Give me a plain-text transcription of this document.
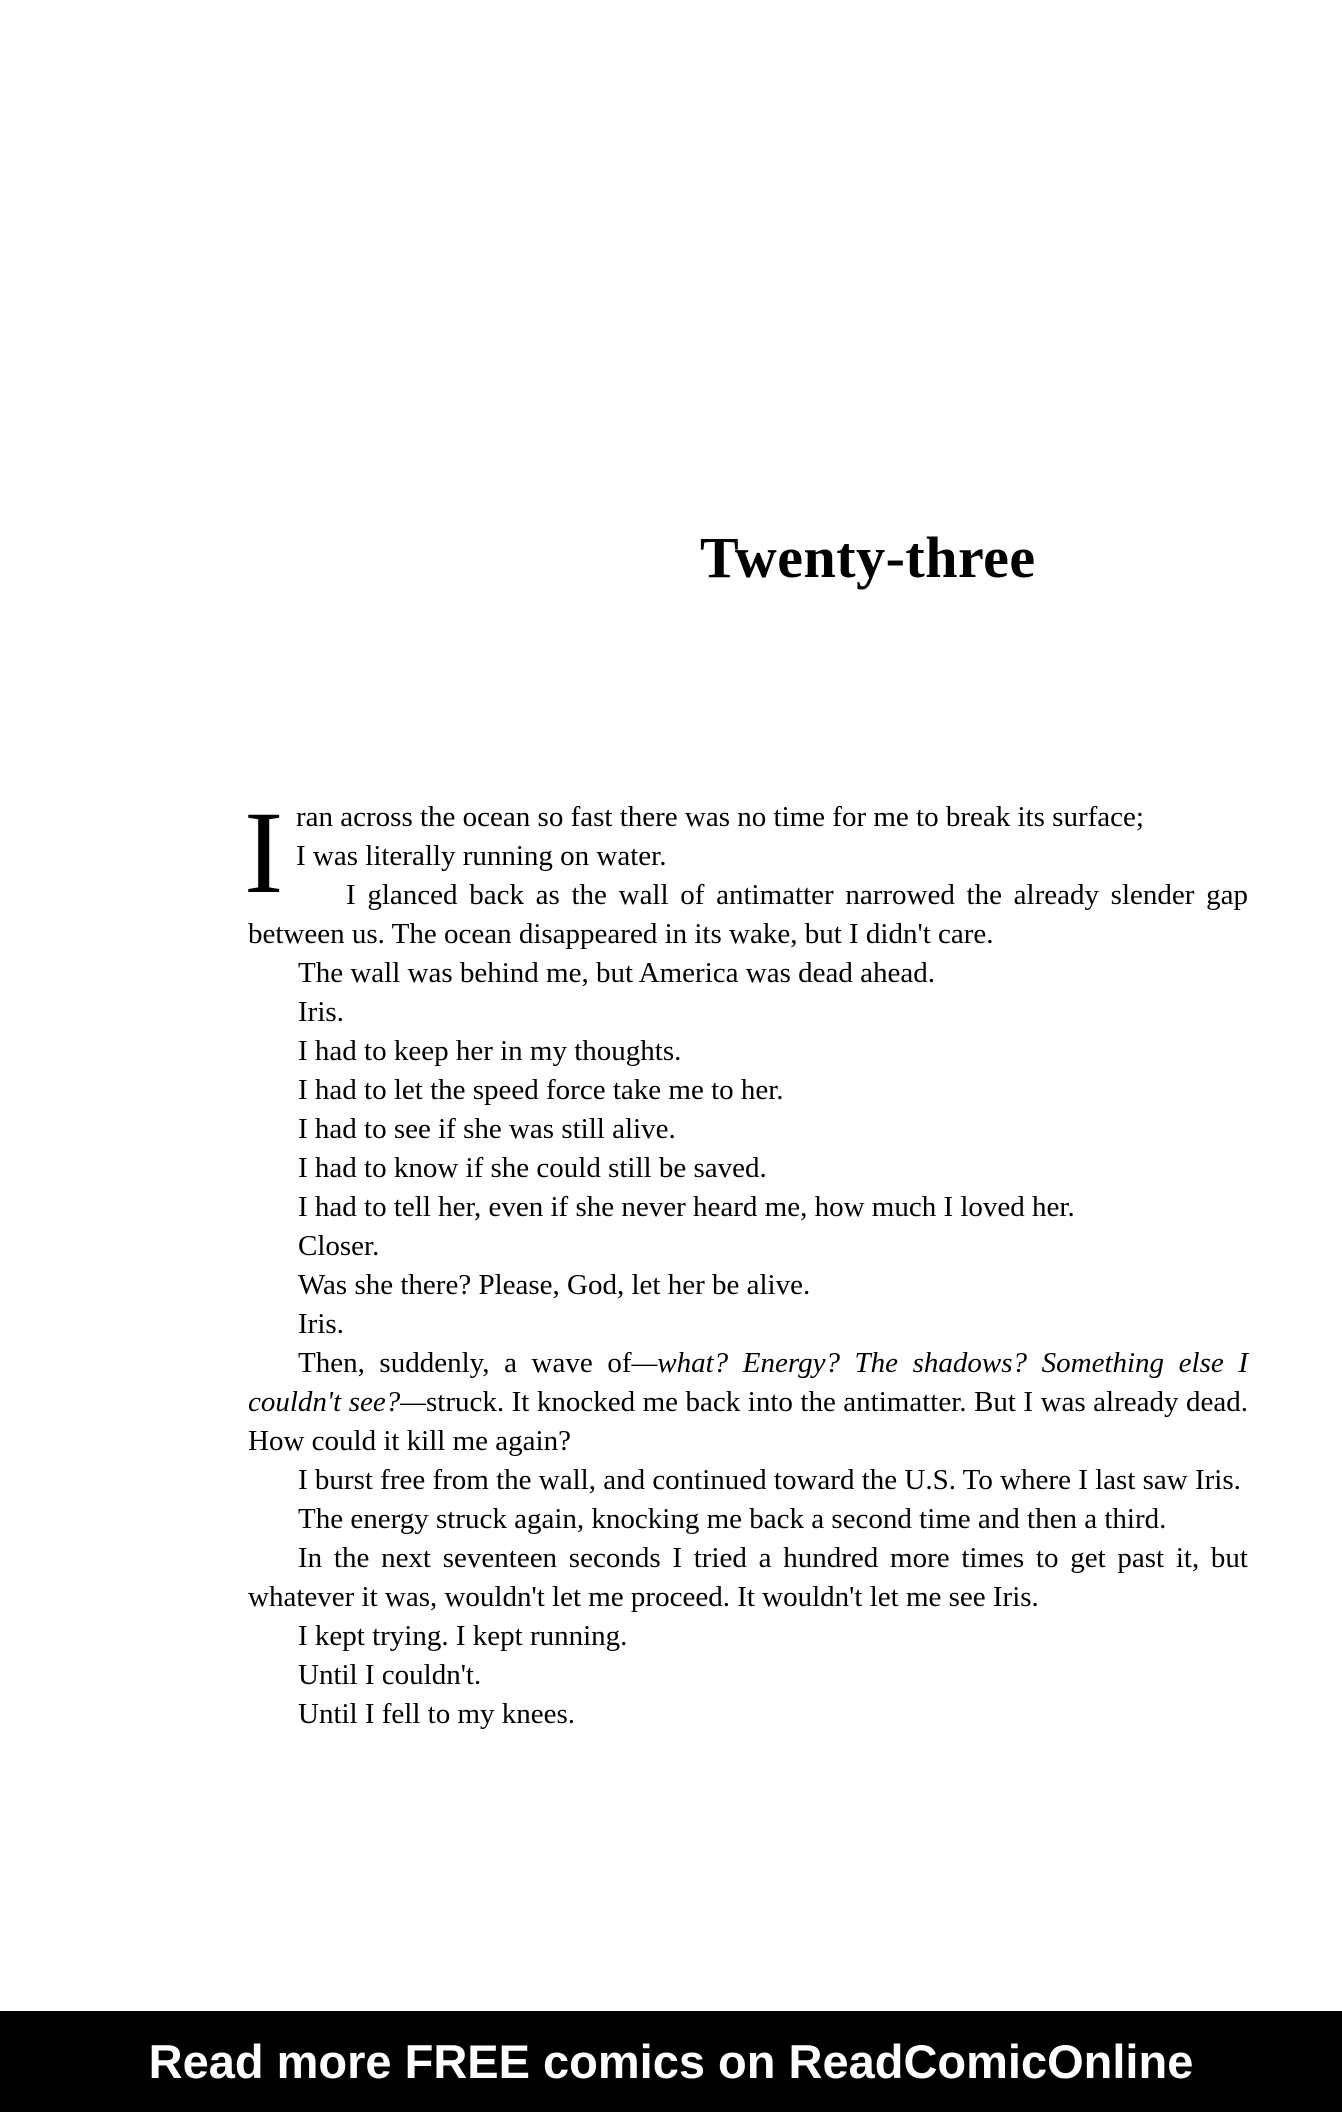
Twenty-three
I ran across the ocean so fast there was no time for me to break its surface;
I was literally running on water.

I glanced back as the wall of antimatter narrowed the already slender gap between us. The ocean disappeared in its wake, but I didn't care.

The wall was behind me, but America was dead ahead.

Iris.

I had to keep her in my thoughts.

I had to let the speed force take me to her.

I had to see if she was still alive.

I had to know if she could still be saved.

I had to tell her, even if she never heard me, how much I loved her.

Closer.

Was she there? Please, God, let her be alive.

Iris.

Then, suddenly, a wave of—what? Energy? The shadows? Something else I couldn't see?—struck. It knocked me back into the antimatter. But I was already dead. How could it kill me again?

I burst free from the wall, and continued toward the U.S. To where I last saw Iris.

The energy struck again, knocking me back a second time and then a third.

In the next seventeen seconds I tried a hundred more times to get past it, but whatever it was, wouldn't let me proceed. It wouldn't let me see Iris.

I kept trying. I kept running.

Until I couldn't.

Until I fell to my knees.

Read more FREE comics on ReadComicOnline
